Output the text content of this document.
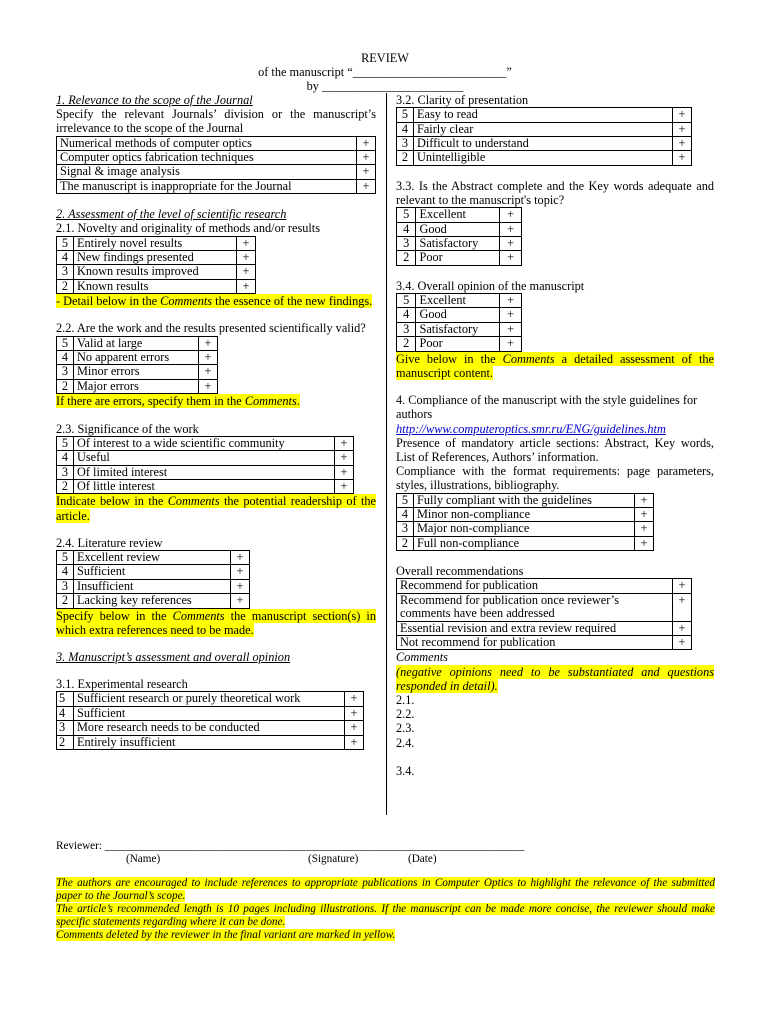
REVIEW
of the manuscript “_________________________”
by _______________________
1. Relevance to the scope of the Journal
Specify the relevant Journals’ division or the manuscript’s irrelevance to the scope of the Journal
Numerical methods of computer optics	+
Computer optics fabrication techniques	+
Signal & image analysis	+
The manuscript is inappropriate for the Journal	+
2. Assessment of the level of scientific research
2.1. Novelty and originality of methods and/or results
5	Entirely novel results	+
4	New findings presented	+
3	Known results improved	+
2	Known results	+
- Detail below in the Comments the essence of the new findings.
2.2. Are the work and the results presented scientifically valid?
5	Valid at large	+
4	No apparent errors	+
3	Minor errors	+
2	Major errors	+
If there are errors, specify them in the Comments.
2.3. Significance of the work
5	Of interest to a wide scientific community	+
4	Useful	+
3	Of limited interest	+
2	Of little interest	+
Indicate below in the Comments the potential readership of the article.
2.4. Literature review
5	Excellent review	+
4	Sufficient	+
3	Insufficient	+
2	Lacking key references	+
Specify below in the Comments the manuscript section(s) in which extra references need to be made.
3. Manuscript’s assessment and overall opinion
3.1. Experimental research
5	Sufficient research or purely theoretical work	+
4	Sufficient	+
3	More research needs to be conducted	+
2	Entirely insufficient	+
3.2. Clarity of presentation
5	Easy to read	+
4	Fairly clear	+
3	Difficult to understand	+
2	Unintelligible	+
3.3. Is the Abstract complete and the Key words adequate and relevant to the manuscript's topic?
5	Excellent	+
4	Good	+
3	Satisfactory	+
2	Poor	+
3.4. Overall opinion of the manuscript
5	Excellent	+
4	Good	+
3	Satisfactory	+
2	Poor	+
Give below in the Comments a detailed assessment of the manuscript content.
4. Compliance of the manuscript with the style guidelines for authors
http://www.computeroptics.smr.ru/ENG/guidelines.htm
Presence of mandatory article sections: Abstract, Key words, List of References, Authors’ information.
Compliance with the format requirements: page parameters, styles, illustrations, bibliography.
5	Fully compliant with the guidelines	+
4	Minor non-compliance	+
3	Major non-compliance	+
2	Full non-compliance	+
Overall recommendations
Recommend for publication	+
Recommend for publication once reviewer’s comments have been addressed	+
Essential revision and extra review required	+
Not recommend for publication	+
Comments
(negative opinions need to be substantiated and questions responded in detail).
2.1.
2.2.
2.3.
2.4.
3.4.
Reviewer: ___________________________________________________________________________
(Name)	(Signature)	(Date)
The authors are encouraged to include references to appropriate publications in Computer Optics to highlight the relevance of the submitted paper to the Journal’s scope.
The article’s recommended length is 10 pages including illustrations. If the manuscript can be made more concise, the reviewer should make specific statements regarding where it can be done.
Comments deleted by the reviewer in the final variant are marked in yellow.
